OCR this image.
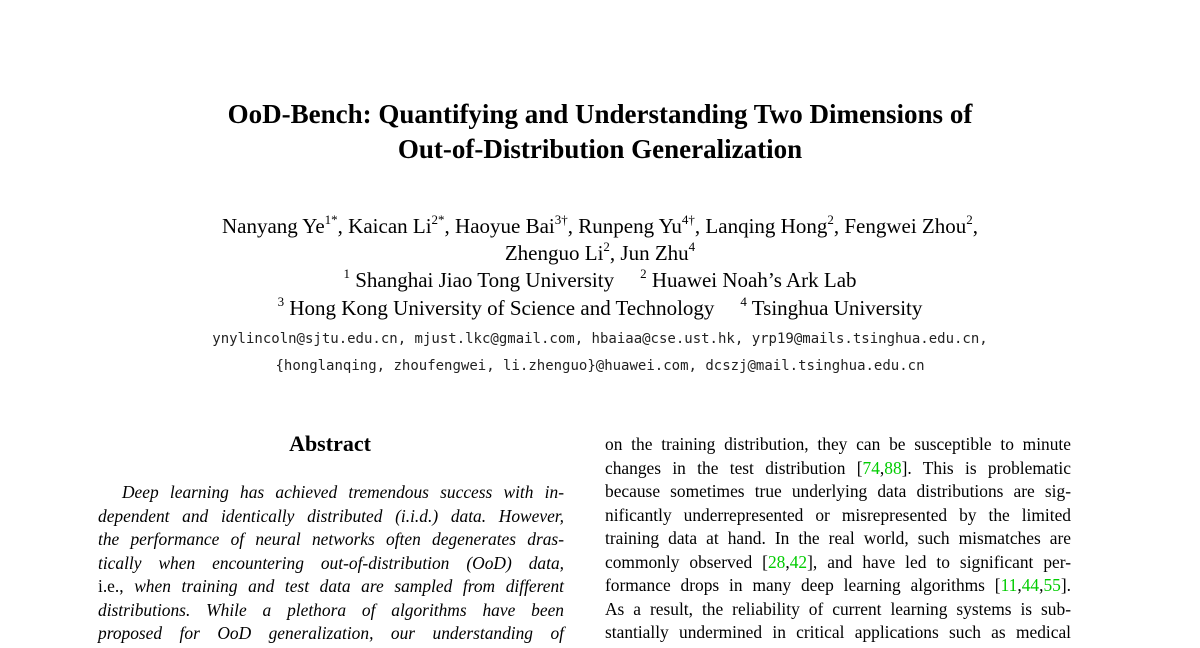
OoD-Bench: Quantifying and Understanding Two Dimensions of
Out-of-Distribution Generalization
Nanyang $Ye^{1*}$, Kaican $Li^{2*}$, Haoyue Bai$^{3\dagger}$, Runpeng $Yu^{4\dagger}$, Lanqing Hong$^2$, Fengwei Zhou$^2$,
Zhenguo Li$^2$, Jun Zhu$^4$
$^1$ Shanghai Jiao Tong University $^2$ Huawei Noah’s Ark Lab
$^3$ Hong Kong University of Science and Technology $^4$ Tsinghua University
ynylincoln@sjtu.edu.cn, mjust.lkc@gmail.com, hbaiaa@cse.ust.hk, yrp19@mails.tsinghua.edu.cn,
{honglanqing, zhoufengwei, li.zhenguo}@huawei.com, dcszj@mail.tsinghua.edu.cn
Abstract
Deep learning has achieved tremendous success with in-
dependent and identically distributed (i.i.d.) data. However,
the performance of neural networks often degenerates dras-
tically when encountering out-of-distribution (OoD) data,
i.e., when training and test data are sampled from different
distributions. While a plethora of algorithms have been
proposed for OoD generalization, our understanding of
on the training distribution, they can be susceptible to minute
changes in the test distribution [74,88]. This is problematic
because sometimes true underlying data distributions are sig-
nificantly underrepresented or misrepresented by the limited
training data at hand. In the real world, such mismatches are
commonly observed [28,42], and have led to significant per-
formance drops in many deep learning algorithms [11,44,55].
As a result, the reliability of current learning systems is sub-
stantially undermined in critical applications such as medical
